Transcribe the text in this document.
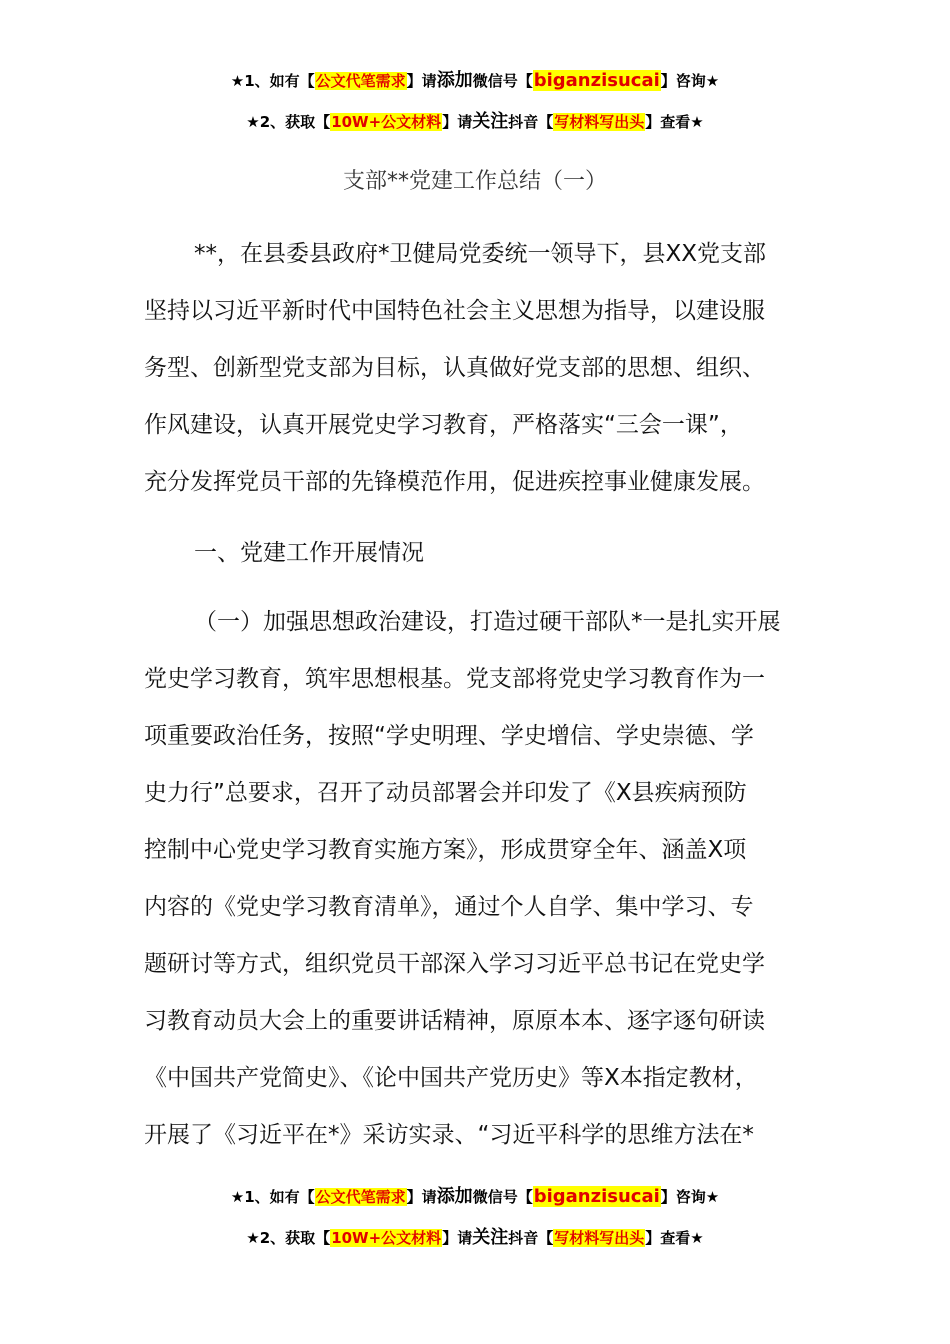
★1、如有【公文代笔需求】请添加微信号【biganzisucai】咨询★
★2、获取【10W+公文材料】请关注抖音【写材料写出头】查看★
支部**党建工作总结（一）
**，在县委县政府*卫健局党委统一领导下，县XX党支部
坚持以习近平新时代中国特色社会主义思想为指导，以建设服
务型、创新型党支部为目标，认真做好党支部的思想、组织、
作风建设，认真开展党史学习教育，严格落实“三会一课”，
充分发挥党员干部的先锋模范作用，促进疾控事业健康发展。
一、党建工作开展情况
（一）加强思想政治建设，打造过硬干部队*一是扎实开展
党史学习教育，筑牢思想根基。党支部将党史学习教育作为一
项重要政治任务，按照“学史明理、学史增信、学史崇德、学
史力行”总要求，召开了动员部署会并印发了《X县疾病预防
控制中心党史学习教育实施方案》，形成贯穿全年、涵盖X项
内容的《党史学习教育清单》，通过个人自学、集中学习、专
题研讨等方式，组织党员干部深入学习习近平总书记在党史学
习教育动员大会上的重要讲话精神，原原本本、逐字逐句研读
《中国共产党简史》、《论中国共产党历史》等X本指定教材，
开展了《习近平在*》采访实录、“习近平科学的思维方法在*
★1、如有【公文代笔需求】请添加微信号【biganzisucai】咨询★
★2、获取【10W+公文材料】请关注抖音【写材料写出头】查看★
